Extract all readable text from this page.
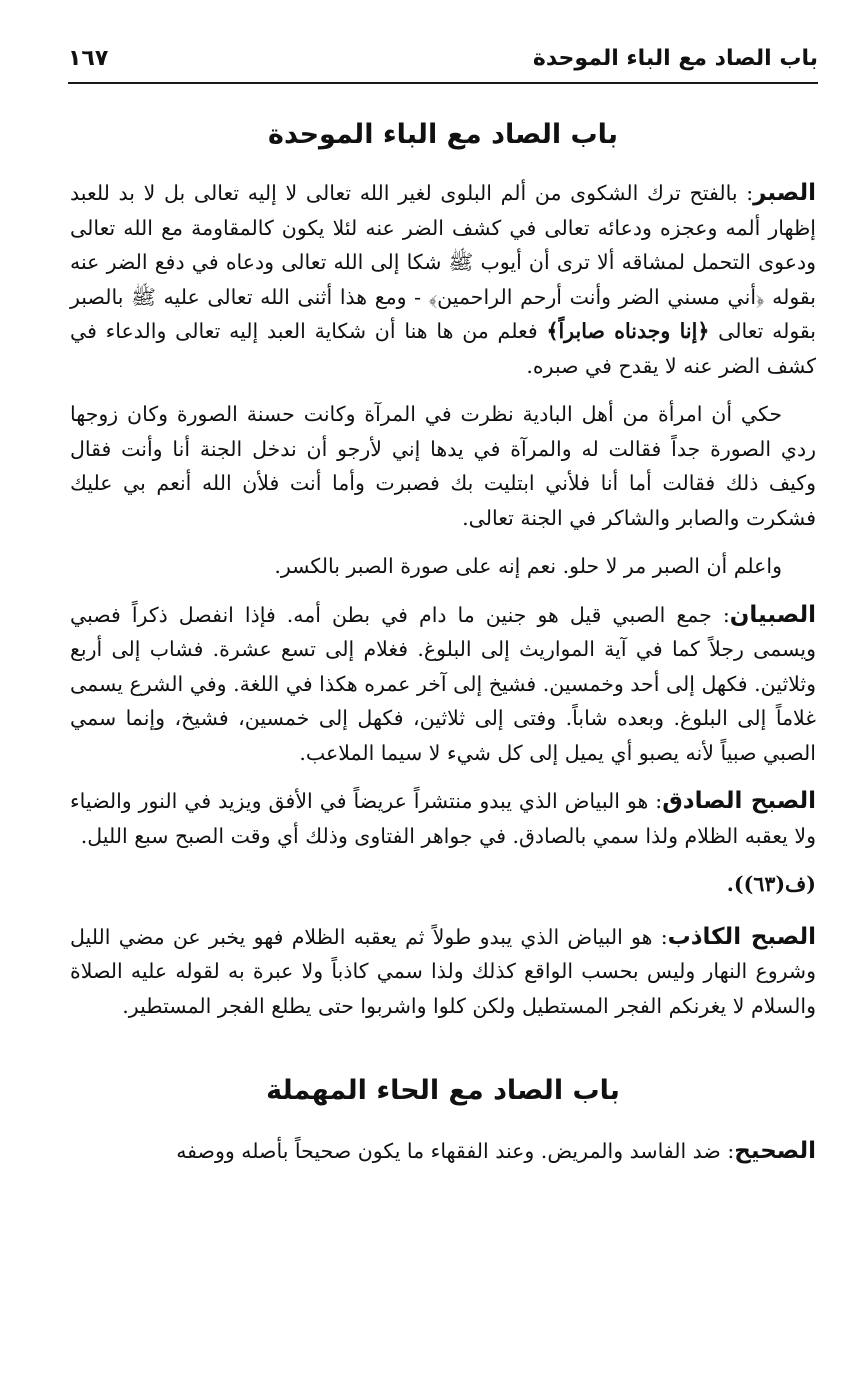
باب الصاد مع الباء الموحدة
١٦٧
باب الصاد مع الباء الموحدة

الصبر: بالفتح ترك الشكوى من ألم البلوى لغير الله تعالى لا إليه تعالى بل لا بد للعبد إظهار ألمه وعجزه ودعائه تعالى في كشف الضر عنه لئلا يكون كالمقاومة مع الله تعالى ودعوى التحمل لمشاقه ألا ترى أن أيوب ﷺ شكا إلى الله تعالى ودعاه في دفع الضر عنه بقوله ﴿أني مسني الضر وأنت أرحم الراحمين﴾ - ومع هذا أثنى الله تعالى عليه ﷺ بالصبر بقوله تعالى ﴿إنا وجدناه صابراً﴾ فعلم من ها هنا أن شكاية العبد إليه تعالى والدعاء في كشف الضر عنه لا يقدح في صبره.

حكي أن امرأة من أهل البادية نظرت في المرآة وكانت حسنة الصورة وكان زوجها ردي الصورة جداً فقالت له والمرآة في يدها إني لأرجو أن ندخل الجنة أنا وأنت فقال وكيف ذلك فقالت أما أنا فلأني ابتليت بك فصبرت وأما أنت فلأن الله أنعم بي عليك فشكرت والصابر والشاكر في الجنة تعالى.

واعلم أن الصبر مر لا حلو. نعم إنه على صورة الصبر بالكسر.

الصبيان: جمع الصبي قيل هو جنين ما دام في بطن أمه. فإذا انفصل ذكراً فصبي ويسمى رجلاً كما في آية المواريث إلى البلوغ. فغلام إلى تسع عشرة. فشاب إلى أربع وثلاثين. فكهل إلى أحد وخمسين. فشيخ إلى آخر عمره هكذا في اللغة. وفي الشرع يسمى غلاماً إلى البلوغ. وبعده شاباً. وفتى إلى ثلاثين، فكهل إلى خمسين، فشيخ، وإنما سمي الصبي صبياً لأنه يصبو أي يميل إلى كل شيء لا سيما الملاعب.

الصبح الصادق: هو البياض الذي يبدو منتشراً عريضاً في الأفق ويزيد في النور والضياء ولا يعقبه الظلام ولذا سمي بالصادق. في جواهر الفتاوى وذلك أي وقت الصبح سبع الليل.

(ف(٦٣)).

الصبح الكاذب: هو البياض الذي يبدو طولاً ثم يعقبه الظلام فهو يخبر عن مضي الليل وشروع النهار وليس بحسب الواقع كذلك ولذا سمي كاذباً ولا عبرة به لقوله عليه الصلاة والسلام لا يغرنكم الفجر المستطيل ولكن كلوا واشربوا حتى يطلع الفجر المستطير.

باب الصاد مع الحاء المهملة

الصحيح: ضد الفاسد والمريض. وعند الفقهاء ما يكون صحيحاً بأصله ووصفه
